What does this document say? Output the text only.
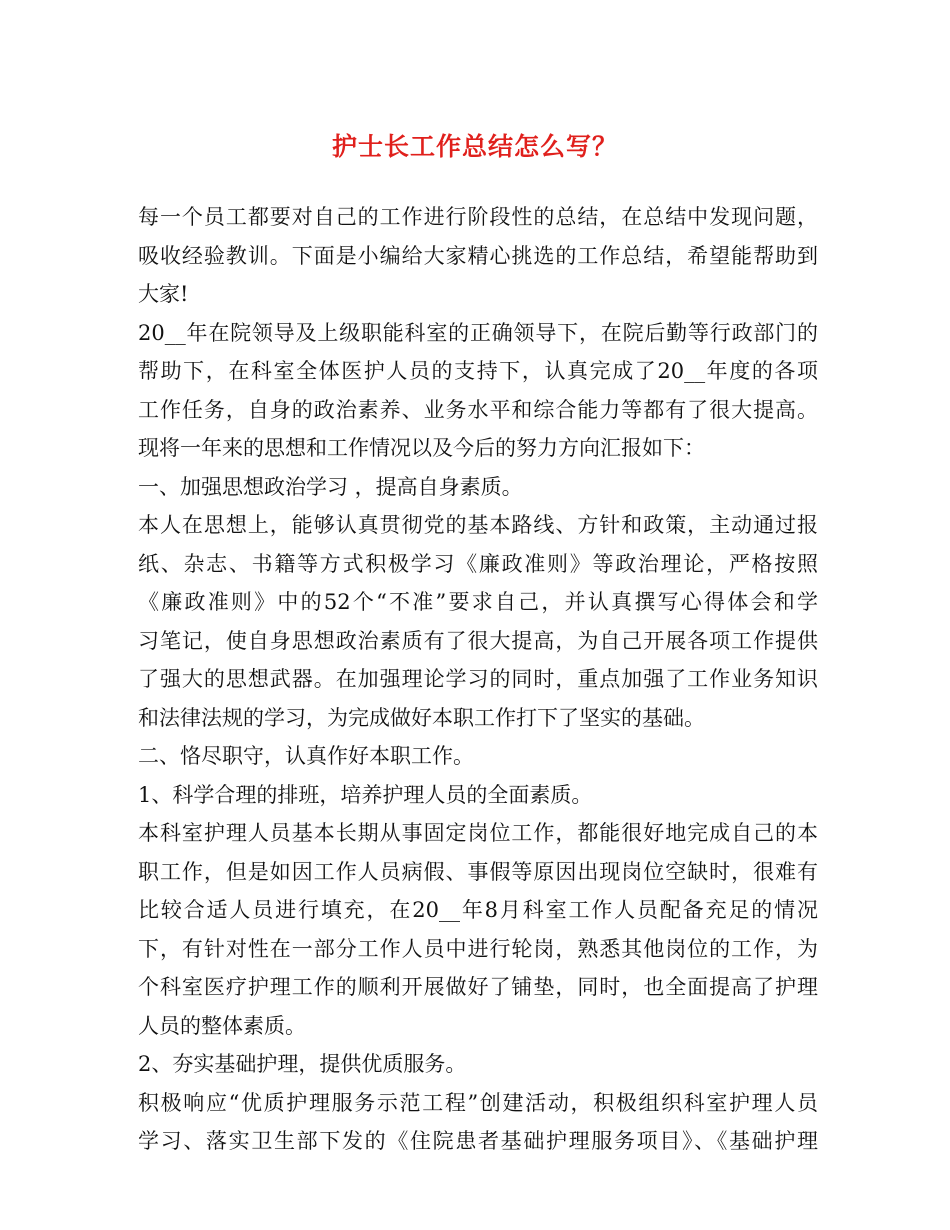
护士长工作总结怎么写？
每一个员工都要对自己的工作进行阶段性的总结，在总结中发现问题，
吸收经验教训。下面是小编给大家精心挑选的工作总结，希望能帮助到
大家!
20__年在院领导及上级职能科室的正确领导下，在院后勤等行政部门的
帮助下，在科室全体医护人员的支持下，认真完成了20__年度的各项
工作任务，自身的政治素养、业务水平和综合能力等都有了很大提高。
现将一年来的思想和工作情况以及今后的努力方向汇报如下：
一、加强思想政治学习 ，提高自身素质。
本人在思想上，能够认真贯彻党的基本路线、方针和政策，主动通过报
纸、杂志、书籍等方式积极学习《廉政准则》等政治理论，严格按照
《廉政准则》中的52个“不准”要求自己，并认真撰写心得体会和学
习笔记，使自身思想政治素质有了很大提高，为自己开展各项工作提供
了强大的思想武器。在加强理论学习的同时，重点加强了工作业务知识
和法律法规的学习，为完成做好本职工作打下了坚实的基础。
二、恪尽职守，认真作好本职工作。
1、科学合理的排班，培养护理人员的全面素质。
本科室护理人员基本长期从事固定岗位工作，都能很好地完成自己的本
职工作，但是如因工作人员病假、事假等原因出现岗位空缺时，很难有
比较合适人员进行填充，在20__年8月科室工作人员配备充足的情况
下，有针对性在一部分工作人员中进行轮岗，熟悉其他岗位的工作，为
个科室医疗护理工作的顺利开展做好了铺垫，同时，也全面提高了护理
人员的整体素质。
2、夯实基础护理，提供优质服务。
积极响应“优质护理服务示范工程”创建活动，积极组织科室护理人员
学习、落实卫生部下发的《住院患者基础护理服务项目》、《基础护理
